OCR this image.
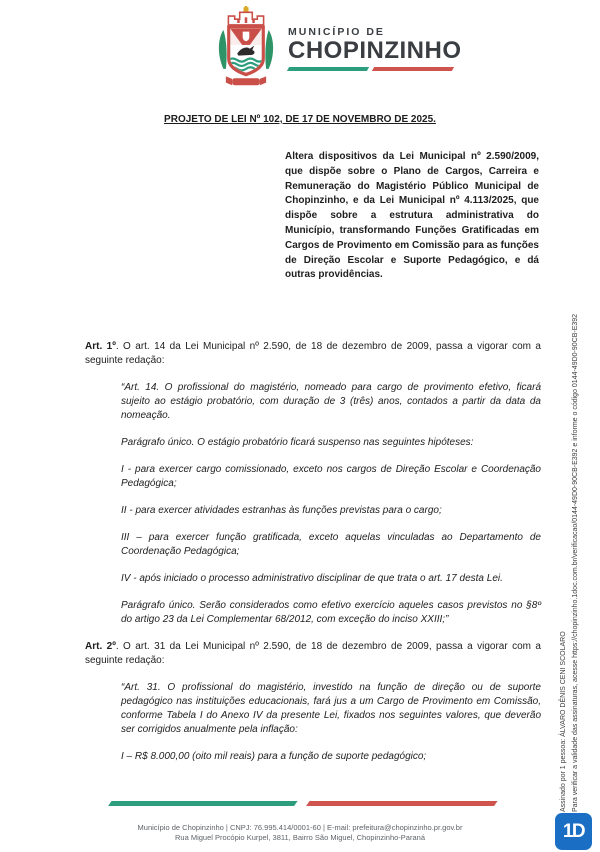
MUNICÍPIO DE
CHOPINZINHO
PROJETO DE LEI Nº 102, DE 17 DE NOVEMBRO DE 2025.
Altera dispositivos da Lei Municipal nº 2.590/2009, que dispõe sobre o Plano de Cargos, Carreira e Remuneração do Magistério Público Municipal de Chopinzinho, e da Lei Municipal nº 4.113/2025, que dispõe sobre a estrutura administrativa do Município, transformando Funções Gratificadas em Cargos de Provimento em Comissão para as funções de Direção Escolar e Suporte Pedagógico, e dá outras providências.

Art. 1º. O art. 14 da Lei Municipal nº 2.590, de 18 de dezembro de 2009, passa a vigorar com a seguinte redação:

“Art. 14. O profissional do magistério, nomeado para cargo de provimento efetivo, ficará sujeito ao estágio probatório, com duração de 3 (três) anos, contados a partir da data da nomeação.

Parágrafo único. O estágio probatório ficará suspenso nas seguintes hipóteses:

I - para exercer cargo comissionado, exceto nos cargos de Direção Escolar e Coordenação Pedagógica;

II - para exercer atividades estranhas às funções previstas para o cargo;

III – para exercer função gratificada, exceto aquelas vinculadas ao Departamento de Coordenação Pedagógica;

IV - após iniciado o processo administrativo disciplinar de que trata o art. 17 desta Lei.

Parágrafo único. Serão considerados como efetivo exercício aqueles casos previstos no §8º do artigo 23 da Lei Complementar 68/2012, com exceção do inciso XXIII;”

Art. 2º. O art. 31 da Lei Municipal nº 2.590, de 18 de dezembro de 2009, passa a vigorar com a seguinte redação:

“Art. 31. O profissional do magistério, investido na função de direção ou de suporte pedagógico nas instituições educacionais, fará jus a um Cargo de Provimento em Comissão, conforme Tabela I do Anexo IV da presente Lei, fixados nos seguintes valores, que deverão ser corrigidos anualmente pela inflação:

I – R$ 8.000,00 (oito mil reais) para a função de suporte pedagógico;

Município de Chopinzinho | CNPJ: 76.995.414/0001-60 | E-mail: prefeitura@chopinzinho.pr.gov.br
Rua Miguel Procópio Kurpel, 3811, Bairro São Miguel, Chopinzinho-Paraná
Assinado por 1 pessoa: ÁLVARO DÊNIS CENI SCOLARO Para verificar a validade das assinaturas, acesse https://chopinzinho.1doc.com.br/verificacao/0144-49D0-90CB-E392 e informe o código 0144-49D0-90CB-E392
1D
